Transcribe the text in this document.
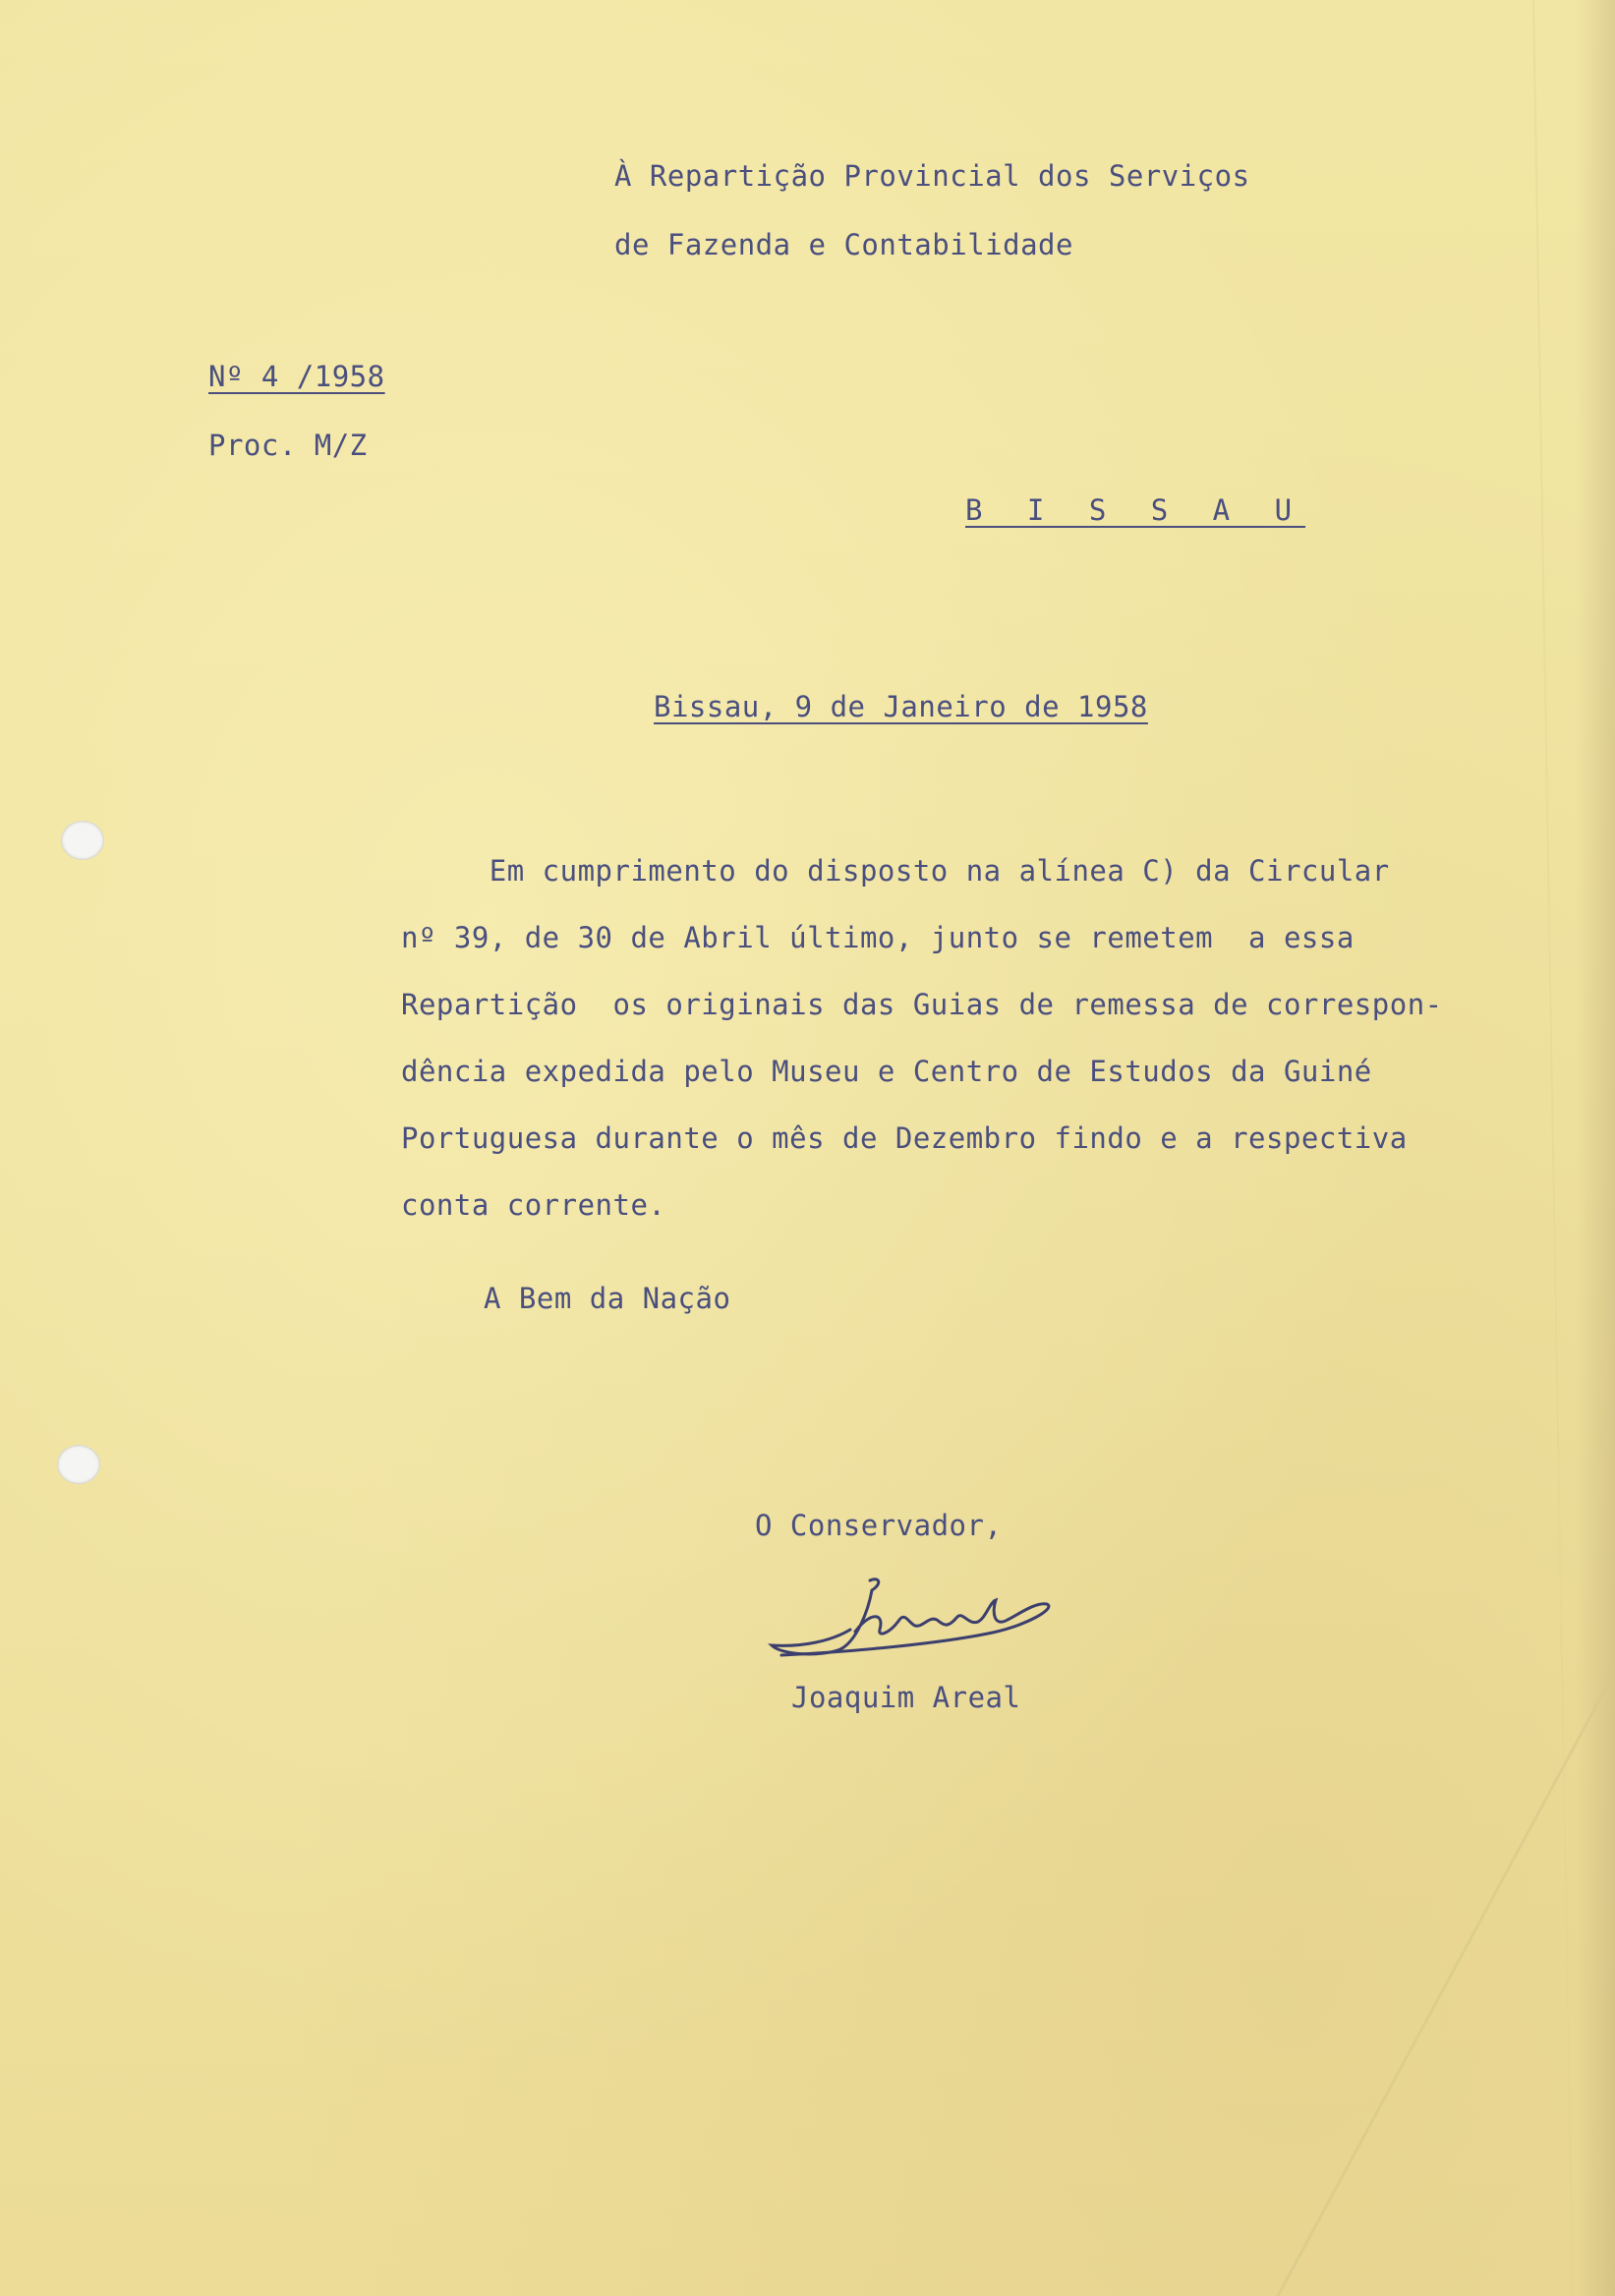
À Repartição Provincial dos Serviços
de Fazenda e Contabilidade
Nº 4 /1958
Proc. M/Z
B I S S A U
Bissau, 9 de Janeiro de 1958
Em cumprimento do disposto na alínea C) da Circular
nº 39, de 30 de Abril último, junto se remetem  a essa
Repartição  os originais das Guias de remessa de correspon-
dência expedida pelo Museu e Centro de Estudos da Guiné
Portuguesa durante o mês de Dezembro findo e a respectiva
conta corrente.
A Bem da Nação
O Conservador,
Joaquim Areal
